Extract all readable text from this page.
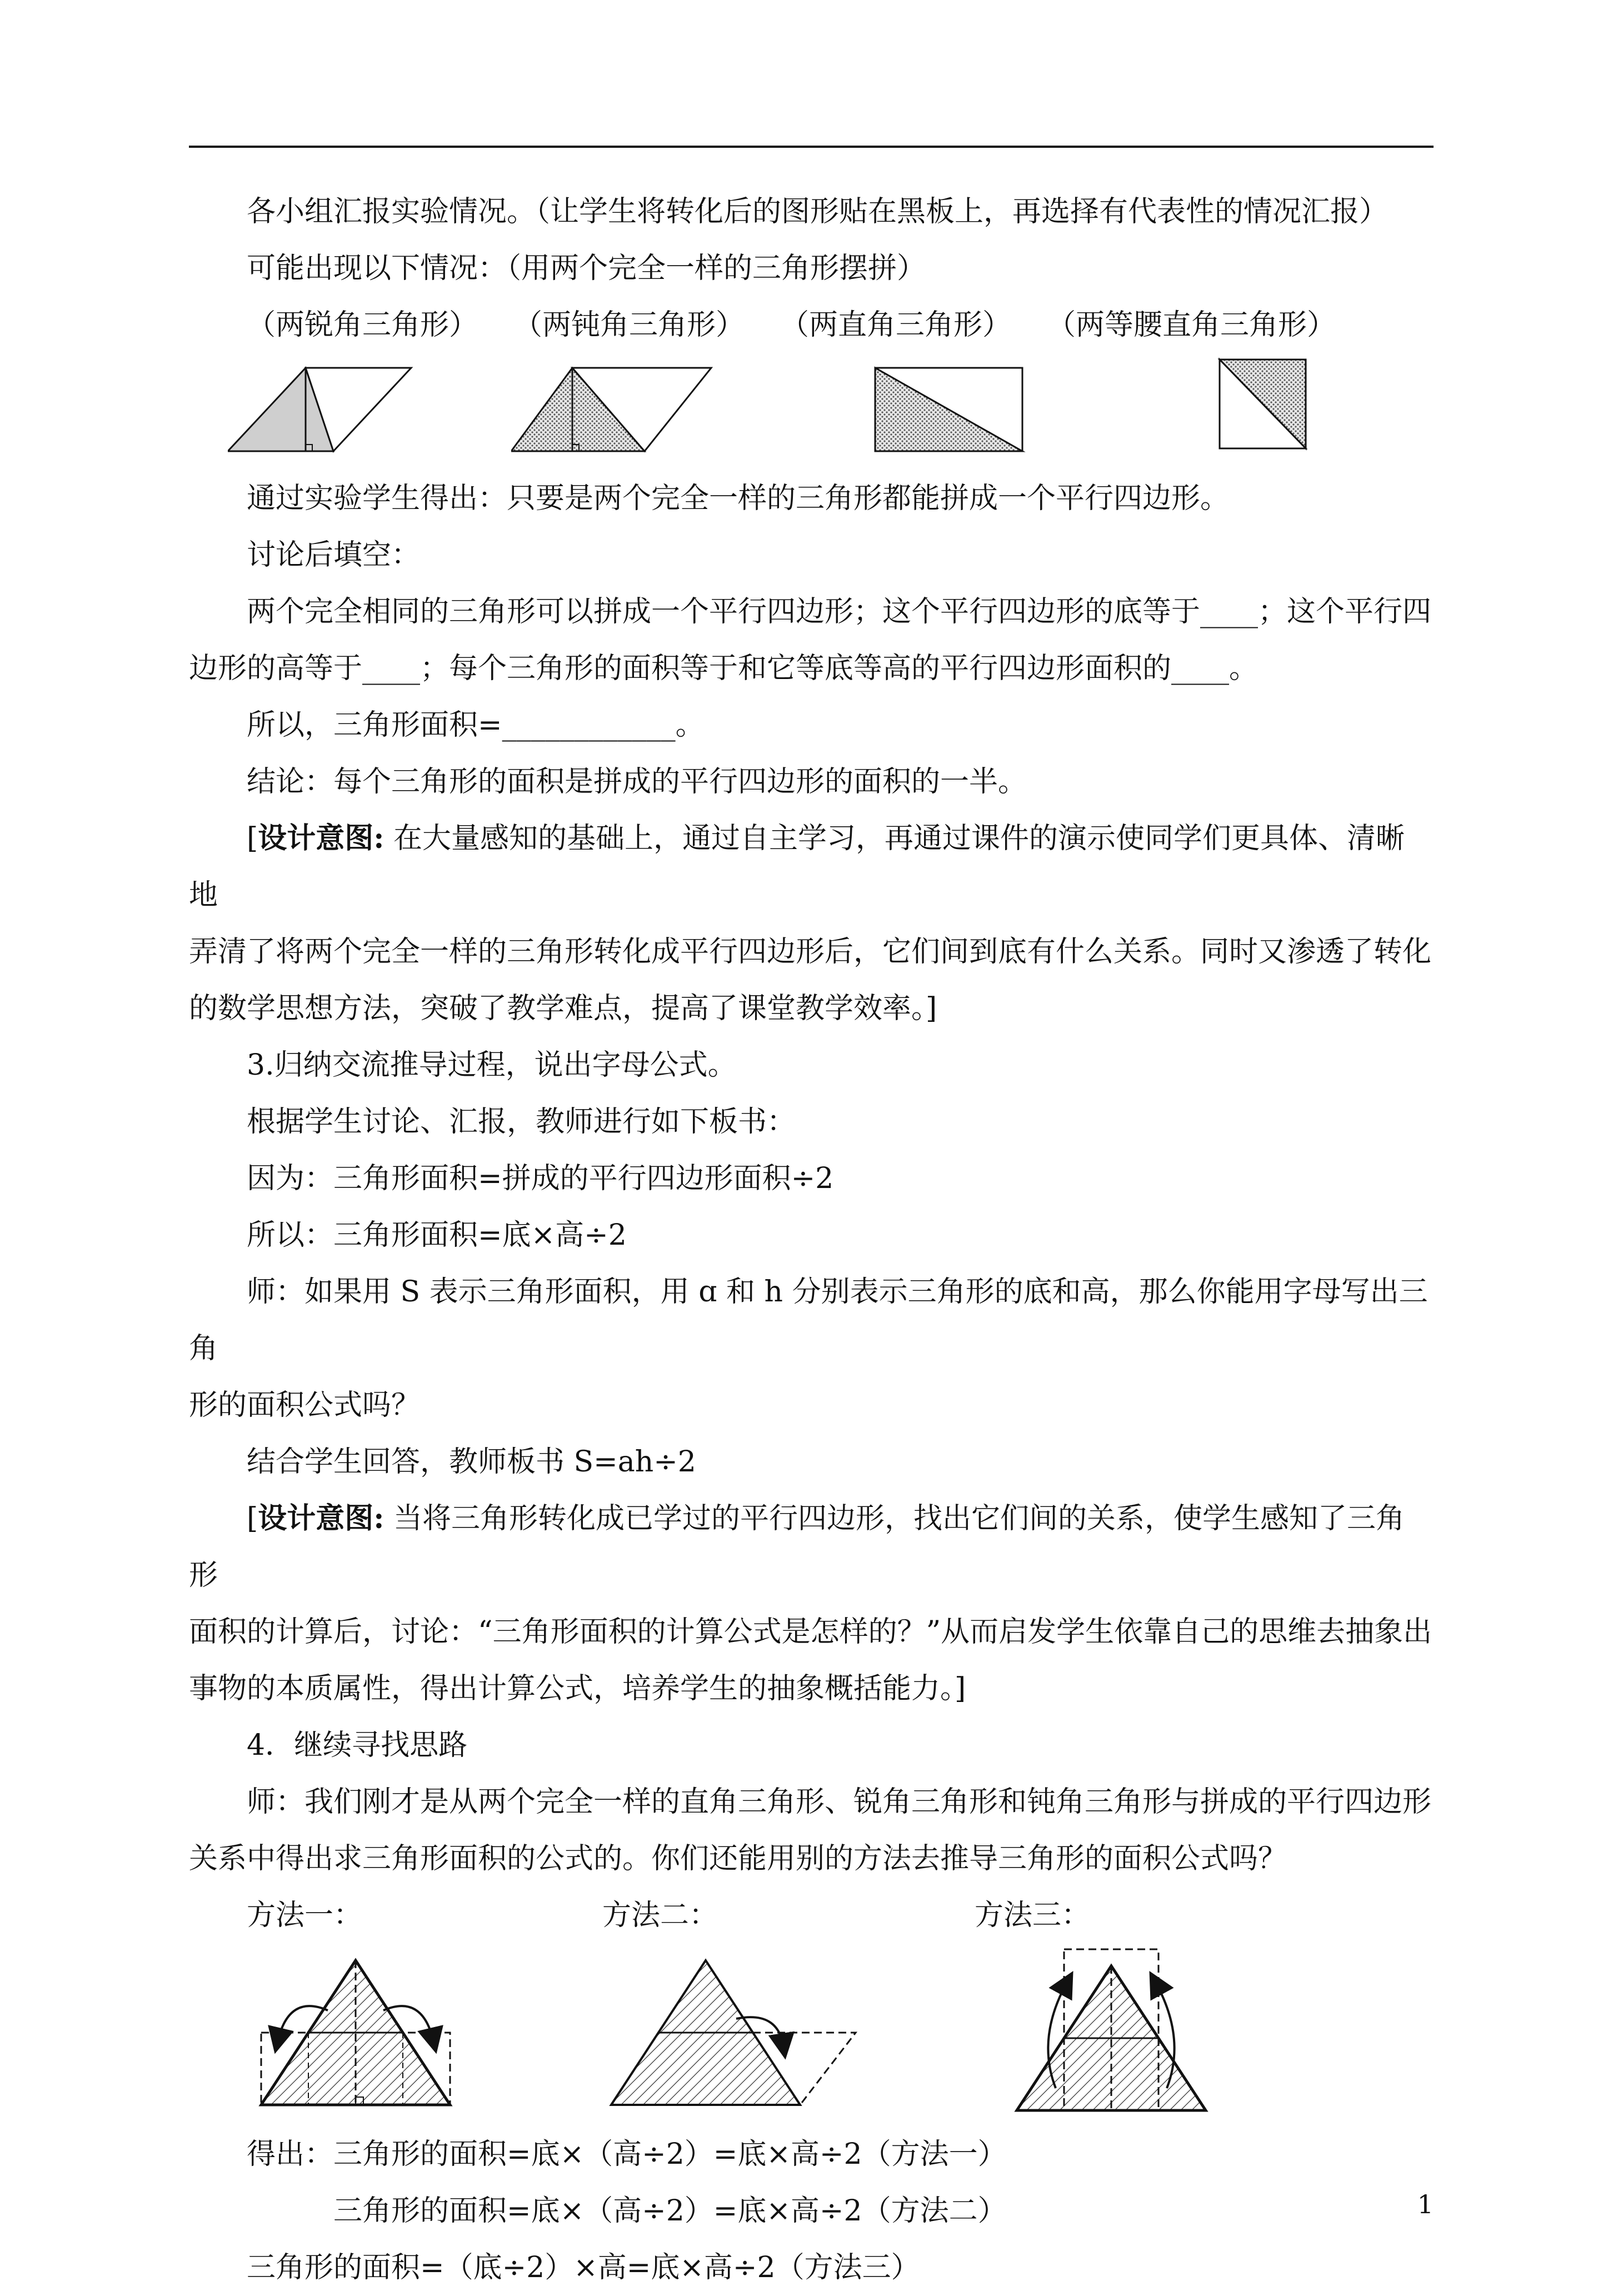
各小组汇报实验情况。（让学生将转化后的图形贴在黑板上，再选择有代表性的情况汇报）

可能出现以下情况：（用两个完全一样的三角形摆拼）

（两锐角三角形）	（两钝角三角形）	（两直角三角形）	（两等腰直角三角形）

通过实验学生得出：只要是两个完全一样的三角形都能拼成一个平行四边形。

讨论后填空：

两个完全相同的三角形可以拼成一个平行四边形；这个平行四边形的底等于____；这个平行四

边形的高等于____；每个三角形的面积等于和它等底等高的平行四边形面积的____。

所以，三角形面积=____________。

结论：每个三角形的面积是拼成的平行四边形的面积的一半。

[设计意图: 在大量感知的基础上，通过自主学习，再通过课件的演示使同学们更具体、清晰地

弄清了将两个完全一样的三角形转化成平行四边形后，它们间到底有什么关系。同时又渗透了转化

的数学思想方法，突破了教学难点，提高了课堂教学效率。]

3.归纳交流推导过程，说出字母公式。

根据学生讨论、汇报，教师进行如下板书：

因为：三角形面积=拼成的平行四边形面积÷2

所以：三角形面积=底×高÷2

师：如果用 S 表示三角形面积，用 ɑ 和 h 分别表示三角形的底和高，那么你能用字母写出三角

形的面积公式吗？

结合学生回答，教师板书 S=ah÷2

[设计意图: 当将三角形转化成已学过的平行四边形，找出它们间的关系，使学生感知了三角形

面积的计算后，讨论：“三角形面积的计算公式是怎样的？”从而启发学生依靠自己的思维去抽象出

事物的本质属性，得出计算公式，培养学生的抽象概括能力。]

4．继续寻找思路

师：我们刚才是从两个完全一样的直角三角形、锐角三角形和钝角三角形与拼成的平行四边形

关系中得出求三角形面积的公式的。你们还能用别的方法去推导三角形的面积公式吗？

方法一：	方法二：	方法三：

得出：三角形的面积=底×（高÷2）=底×高÷2（方法一）

三角形的面积=底×（高÷2）=底×高÷2（方法二）

三角形的面积=（底÷2）×高=底×高÷2（方法三）

1
